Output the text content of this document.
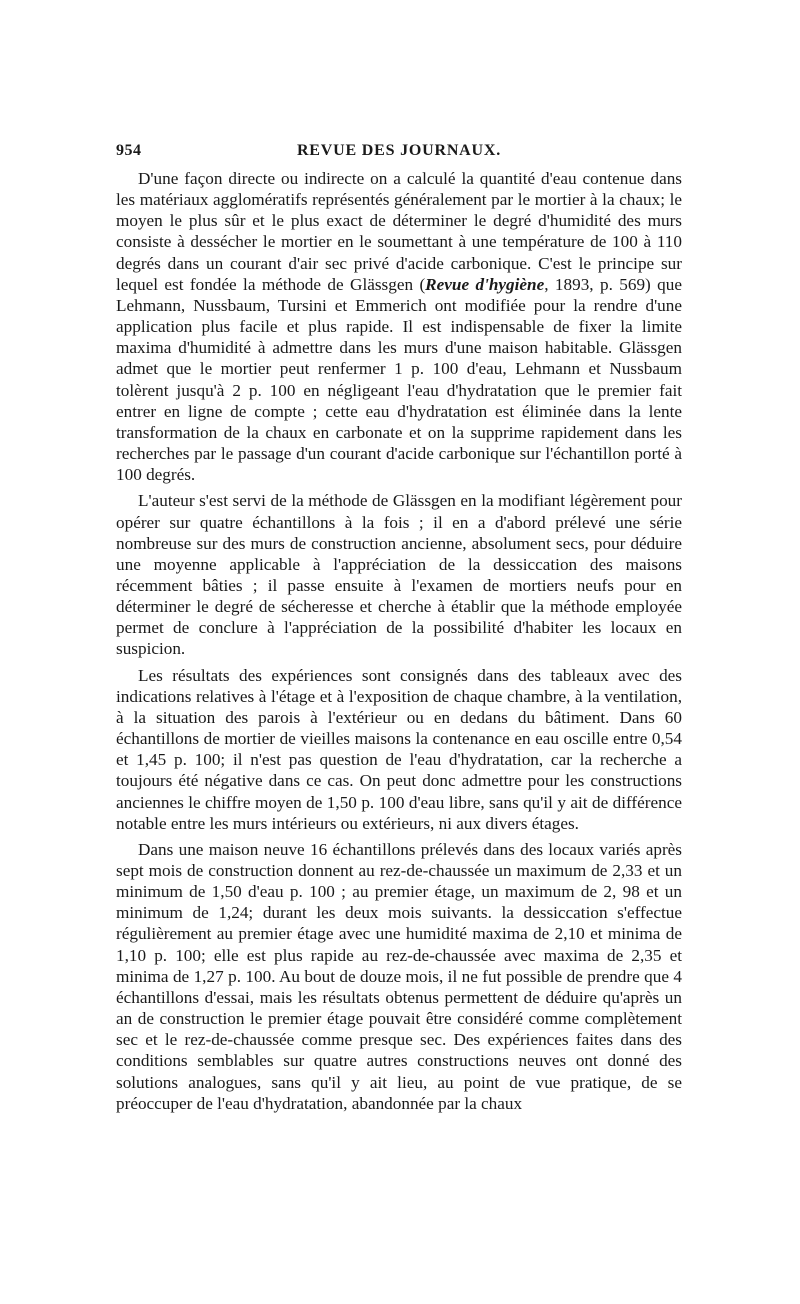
954	REVUE DES JOURNAUX.

D'une façon directe ou indirecte on a calculé la quantité d'eau contenue dans les matériaux agglomératifs représentés généralement par le mortier à la chaux; le moyen le plus sûr et le plus exact de déterminer le degré d'humidité des murs consiste à dessécher le mortier en le soumettant à une température de 100 à 110 degrés dans un courant d'air sec privé d'acide carbonique. C'est le principe sur lequel est fondée la méthode de Glässgen (Revue d'hygiène, 1893, p. 569) que Lehmann, Nussbaum, Tursini et Emmerich ont modifiée pour la rendre d'une application plus facile et plus rapide. Il est indispensable de fixer la limite maxima d'humidité à admettre dans les murs d'une maison habitable. Glässgen admet que le mortier peut renfermer 1 p. 100 d'eau, Lehmann et Nussbaum tolèrent jusqu'à 2 p. 100 en négligeant l'eau d'hydratation que le premier fait entrer en ligne de compte ; cette eau d'hydratation est éliminée dans la lente transformation de la chaux en carbonate et on la supprime rapidement dans les recherches par le passage d'un courant d'acide carbonique sur l'échantillon porté à 100 degrés.

L'auteur s'est servi de la méthode de Glässgen en la modifiant légèrement pour opérer sur quatre échantillons à la fois ; il en a d'abord prélevé une série nombreuse sur des murs de construction ancienne, absolument secs, pour déduire une moyenne applicable à l'appréciation de la dessiccation des maisons récemment bâties ; il passe ensuite à l'examen de mortiers neufs pour en déterminer le degré de sécheresse et cherche à établir que la méthode employée permet de conclure à l'appréciation de la possibilité d'habiter les locaux en suspicion.

Les résultats des expériences sont consignés dans des tableaux avec des indications relatives à l'étage et à l'exposition de chaque chambre, à la ventilation, à la situation des parois à l'extérieur ou en dedans du bâtiment. Dans 60 échantillons de mortier de vieilles maisons la contenance en eau oscille entre 0,54 et 1,45 p. 100; il n'est pas question de l'eau d'hydratation, car la recherche a toujours été négative dans ce cas. On peut donc admettre pour les constructions anciennes le chiffre moyen de 1,50 p. 100 d'eau libre, sans qu'il y ait de différence notable entre les murs intérieurs ou extérieurs, ni aux divers étages.

Dans une maison neuve 16 échantillons prélevés dans des locaux variés après sept mois de construction donnent au rez-de-chaussée un maximum de 2,33 et un minimum de 1,50 d'eau p. 100 ; au premier étage, un maximum de 2, 98 et un minimum de 1,24; durant les deux mois suivants. la dessiccation s'effectue régulièrement au premier étage avec une humidité maxima de 2,10 et minima de 1,10 p. 100; elle est plus rapide au rez-de-chaussée avec maxima de 2,35 et minima de 1,27 p. 100. Au bout de douze mois, il ne fut possible de prendre que 4 échantillons d'essai, mais les résultats obtenus permettent de déduire qu'après un an de construction le premier étage pouvait être considéré comme complètement sec et le rez-de-chaussée comme presque sec. Des expériences faites dans des conditions semblables sur quatre autres constructions neuves ont donné des solutions analogues, sans qu'il y ait lieu, au point de vue pratique, de se préoccuper de l'eau d'hydratation, abandonnée par la chaux
